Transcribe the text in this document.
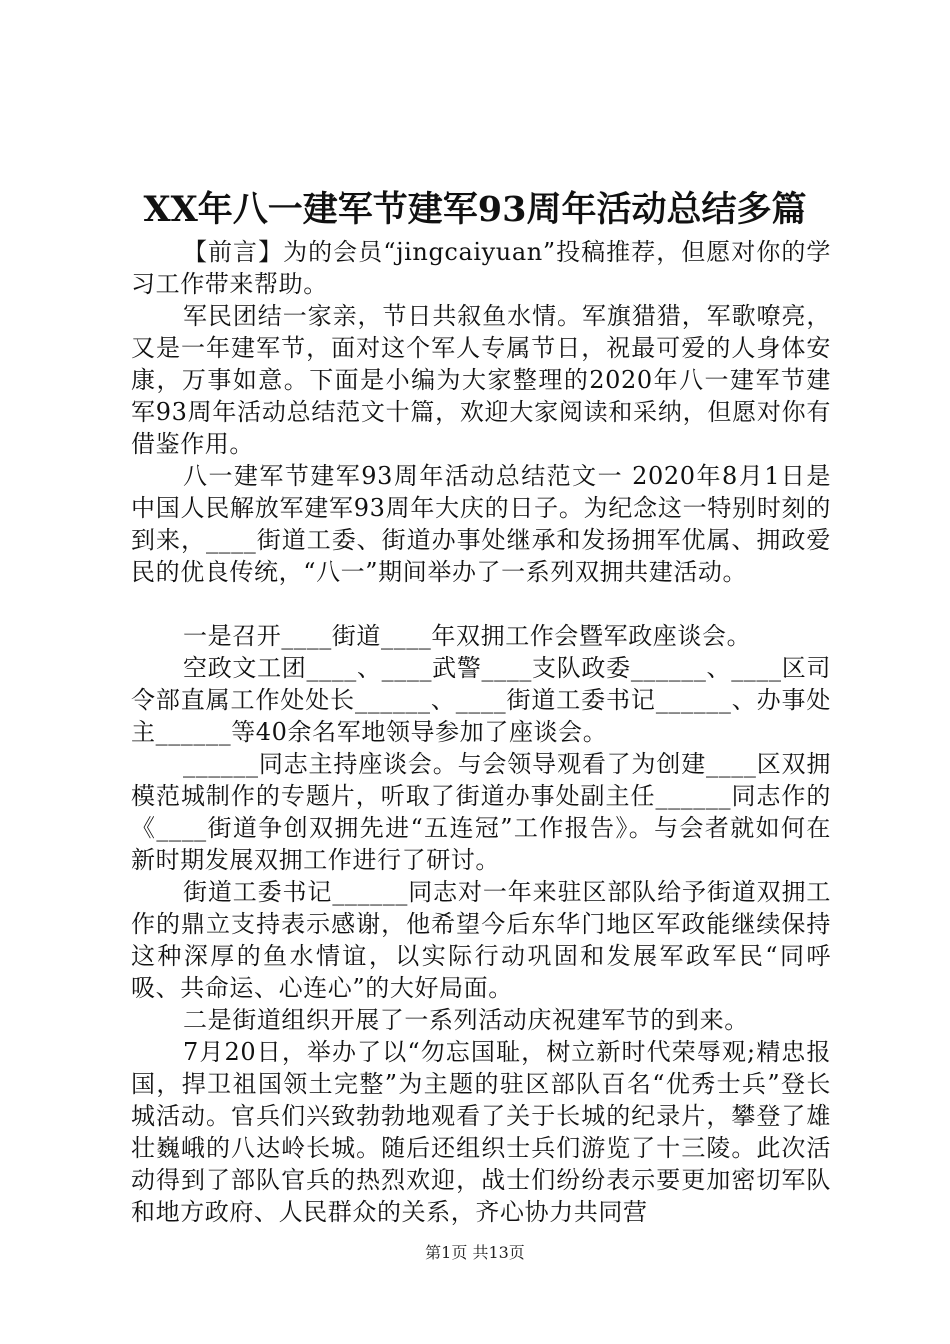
XX年八一建军节建军93周年活动总结多篇

【前言】为的会员“jingcaiyuan”投稿推荐，但愿对你的学习工作带来帮助。

军民团结一家亲，节日共叙鱼水情。军旗猎猎，军歌嘹亮，又是一年建军节，面对这个军人专属节日，祝最可爱的人身体安康，万事如意。下面是小编为大家整理的2020年八一建军节建军93周年活动总结范文十篇，欢迎大家阅读和采纳，但愿对你有借鉴作用。

八一建军节建军93周年活动总结范文一 2020年8月1日是中国人民解放军建军93周年大庆的日子。为纪念这一特别时刻的到来，____街道工委、街道办事处继承和发扬拥军优属、拥政爱民的优良传统，“八一”期间举办了一系列双拥共建活动。

一是召开____街道____年双拥工作会暨军政座谈会。

空政文工团____、____武警____支队政委______、____区司令部直属工作处处长______、____街道工委书记______、办事处主______等40余名军地领导参加了座谈会。

______同志主持座谈会。与会领导观看了为创建____区双拥模范城制作的专题片，听取了街道办事处副主任______同志作的《____街道争创双拥先进“五连冠”工作报告》。与会者就如何在新时期发展双拥工作进行了研讨。

街道工委书记______同志对一年来驻区部队给予街道双拥工作的鼎立支持表示感谢，他希望今后东华门地区军政能继续保持这种深厚的鱼水情谊，以实际行动巩固和发展军政军民“同呼吸、共命运、心连心”的大好局面。

二是街道组织开展了一系列活动庆祝建军节的到来。

7月20日，举办了以“勿忘国耻，树立新时代荣辱观;精忠报国，捍卫祖国领土完整”为主题的驻区部队百名“优秀士兵”登长城活动。官兵们兴致勃勃地观看了关于长城的纪录片，攀登了雄壮巍峨的八达岭长城。随后还组织士兵们游览了十三陵。此次活动得到了部队官兵的热烈欢迎，战士们纷纷表示要更加密切军队和地方政府、人民群众的关系，齐心协力共同营

第1页 共13页
